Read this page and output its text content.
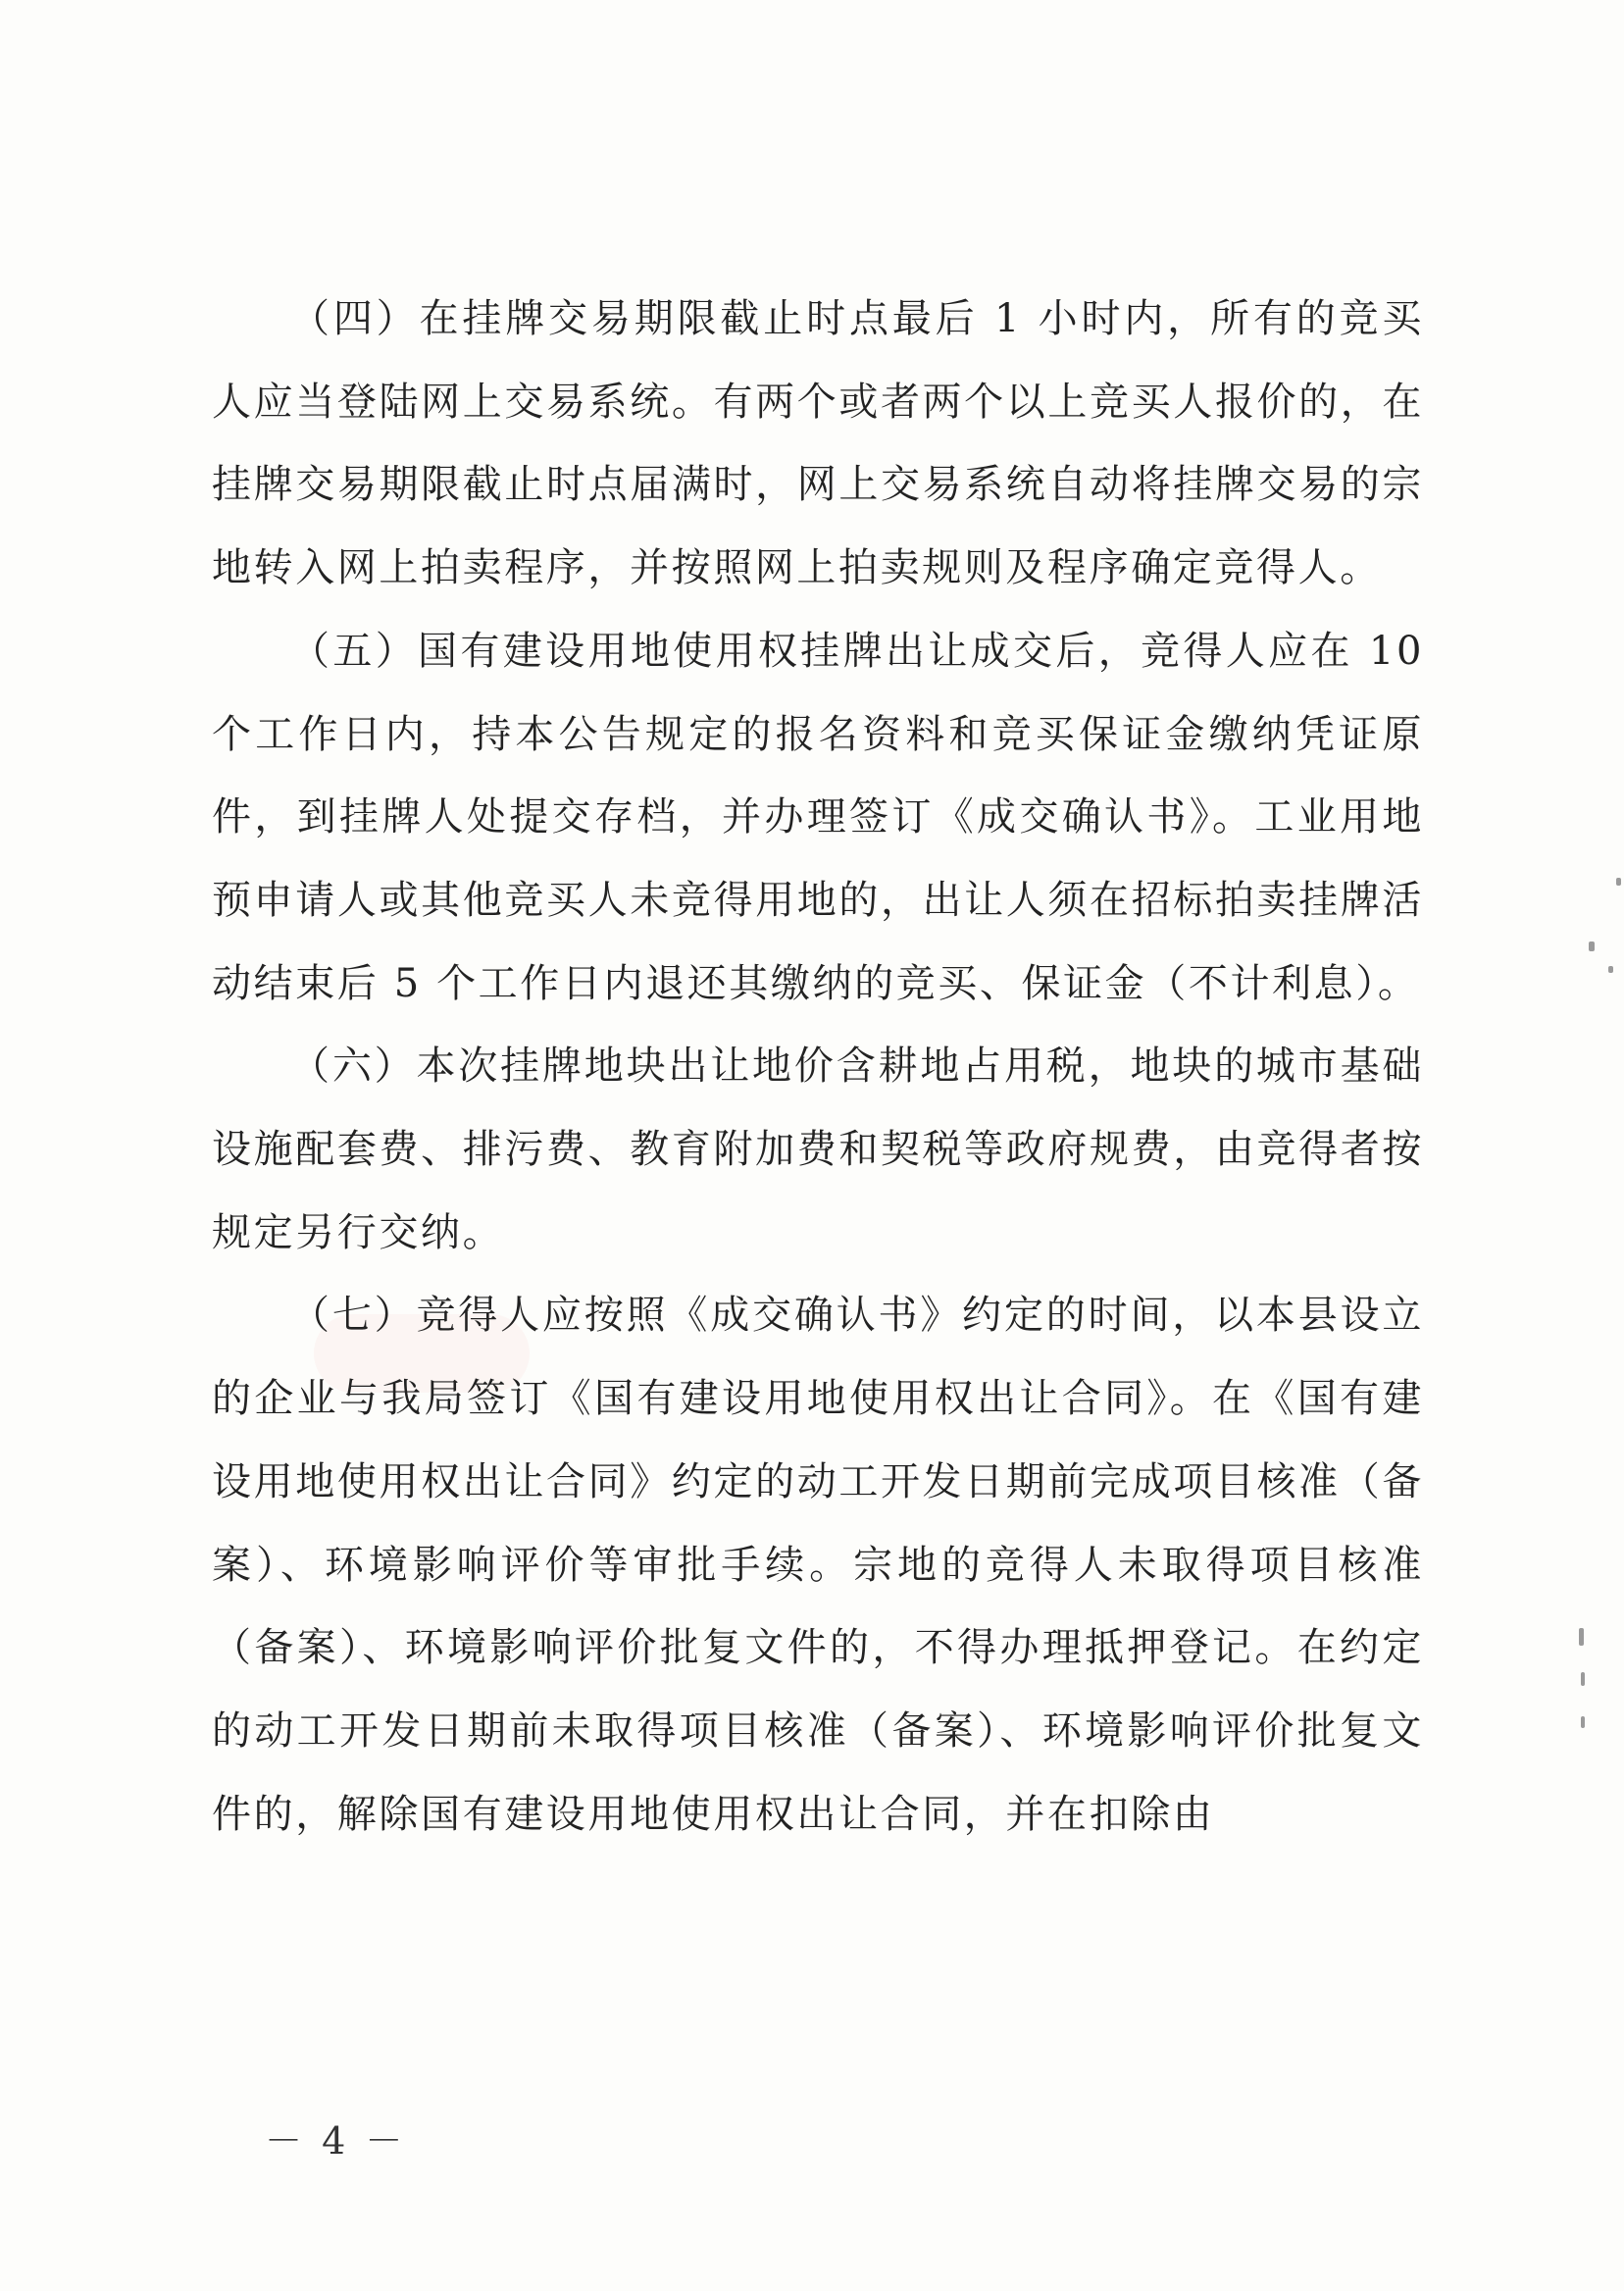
（四）在挂牌交易期限截止时点最后 1 小时内，所有的竞买人应当登陆网上交易系统。有两个或者两个以上竞买人报价的，在挂牌交易期限截止时点届满时，网上交易系统自动将挂牌交易的宗地转入网上拍卖程序，并按照网上拍卖规则及程序确定竞得人。

（五）国有建设用地使用权挂牌出让成交后，竞得人应在 10 个工作日内，持本公告规定的报名资料和竞买保证金缴纳凭证原件，到挂牌人处提交存档，并办理签订《成交确认书》。工业用地预申请人或其他竞买人未竞得用地的，出让人须在招标拍卖挂牌活动结束后 5 个工作日内退还其缴纳的竞买、保证金（不计利息）。

（六）本次挂牌地块出让地价含耕地占用税，地块的城市基础设施配套费、排污费、教育附加费和契税等政府规费，由竞得者按规定另行交纳。

（七）竞得人应按照《成交确认书》约定的时间，以本县设立的企业与我局签订《国有建设用地使用权出让合同》。在《国有建设用地使用权出让合同》约定的动工开发日期前完成项目核准（备案）、环境影响评价等审批手续。宗地的竞得人未取得项目核准（备案）、环境影响评价批复文件的，不得办理抵押登记。在约定的动工开发日期前未取得项目核准（备案）、环境影响评价批复文件的，解除国有建设用地使用权出让合同，并在扣除由

－ 4 －
